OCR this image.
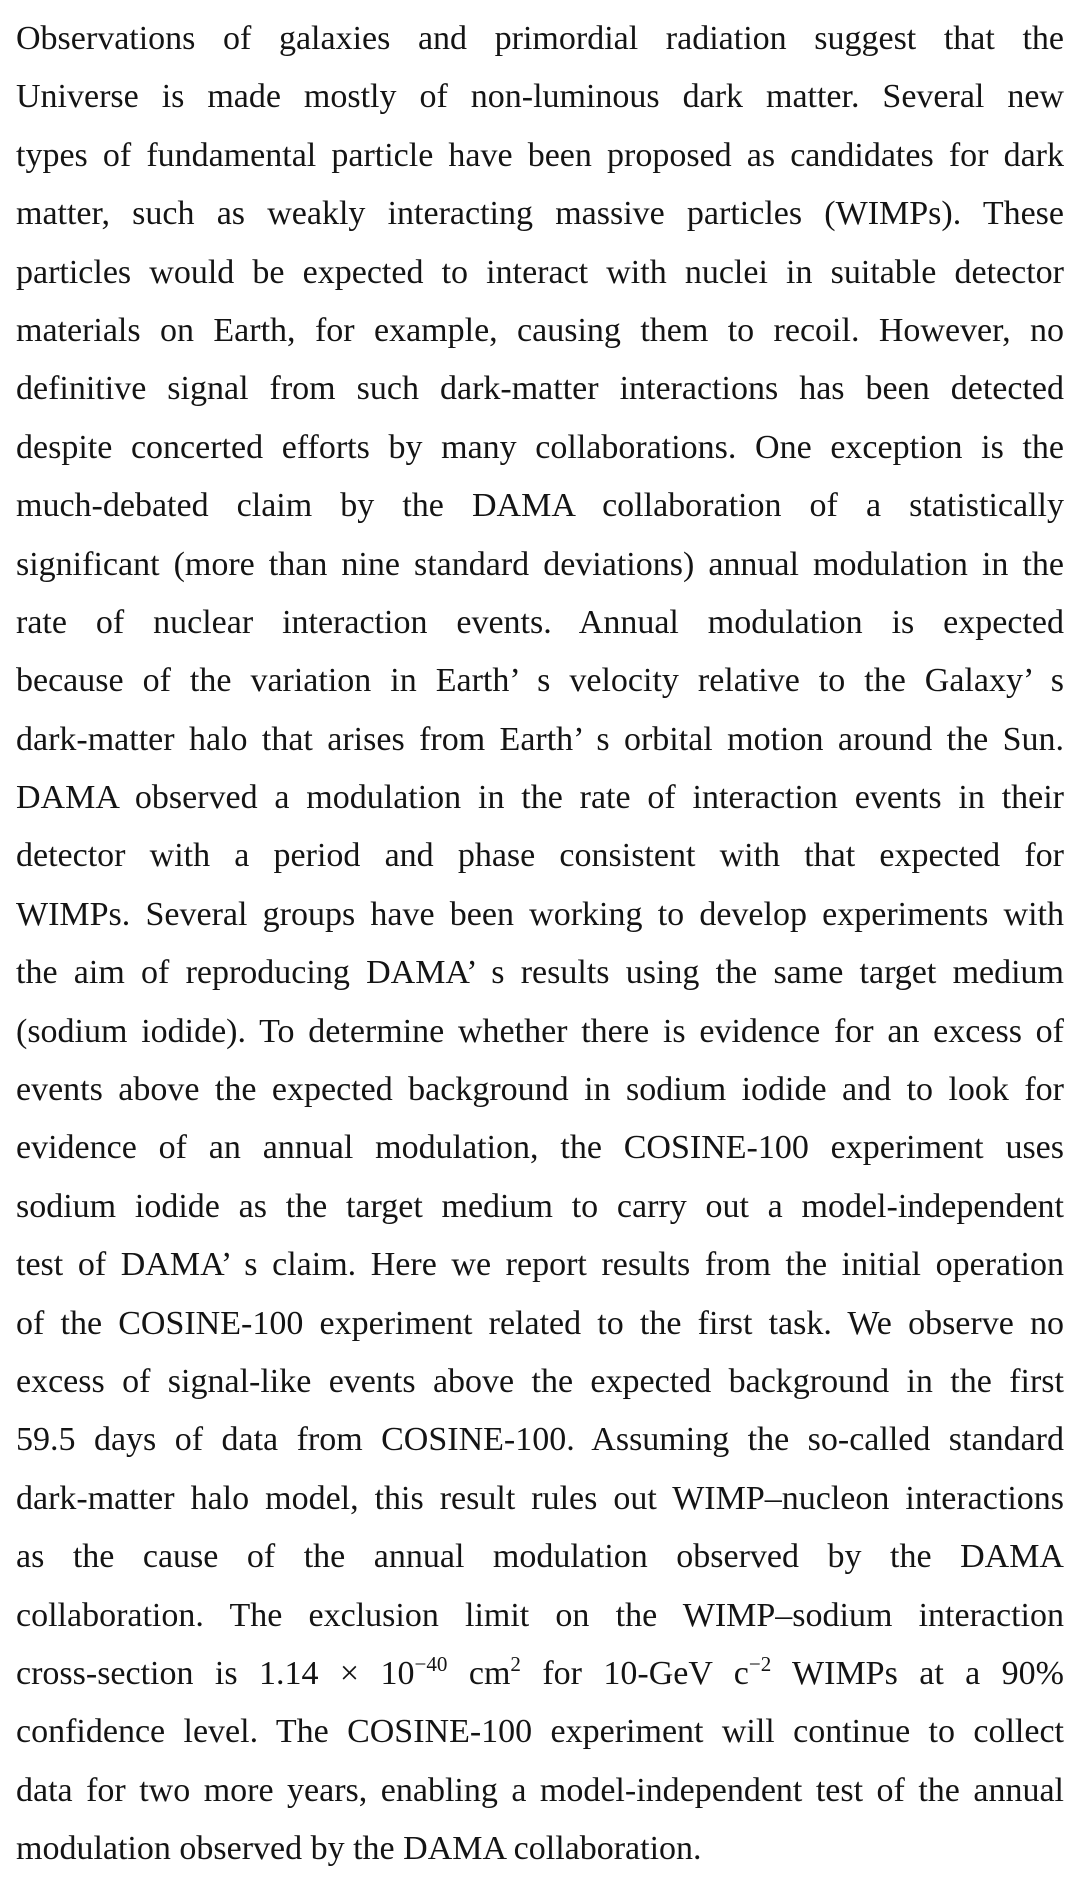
Observations of galaxies and primordial radiation suggest that the
Universe is made mostly of non-luminous dark matter. Several new
types of fundamental particle have been proposed as candidates for dark
matter, such as weakly interacting massive particles (WIMPs). These
particles would be expected to interact with nuclei in suitable detector
materials on Earth, for example, causing them to recoil. However, no
definitive signal from such dark-matter interactions has been detected
despite concerted efforts by many collaborations. One exception is the
much-debated claim by the DAMA collaboration of a statistically
significant (more than nine standard deviations) annual modulation in the
rate of nuclear interaction events. Annual modulation is expected
because of the variation in Earth’ s velocity relative to the Galaxy’ s
dark-matter halo that arises from Earth’ s orbital motion around the Sun.
DAMA observed a modulation in the rate of interaction events in their
detector with a period and phase consistent with that expected for
WIMPs. Several groups have been working to develop experiments with
the aim of reproducing DAMA’ s results using the same target medium
(sodium iodide). To determine whether there is evidence for an excess of
events above the expected background in sodium iodide and to look for
evidence of an annual modulation, the COSINE-100 experiment uses
sodium iodide as the target medium to carry out a model-independent
test of DAMA’ s claim. Here we report results from the initial operation
of the COSINE-100 experiment related to the first task. We observe no
excess of signal-like events above the expected background in the first
59.5 days of data from COSINE-100. Assuming the so-called standard
dark-matter halo model, this result rules out WIMP–nucleon interactions
as the cause of the annual modulation observed by the DAMA
collaboration. The exclusion limit on the WIMP–sodium interaction
cross-section is $1.14 \times 10^{-40}$ $cm^2$ for 10-GeV $c^{-2}$ WIMPs at a 90%
confidence level. The COSINE-100 experiment will continue to collect
data for two more years, enabling a model-independent test of the annual
modulation observed by the DAMA collaboration.
